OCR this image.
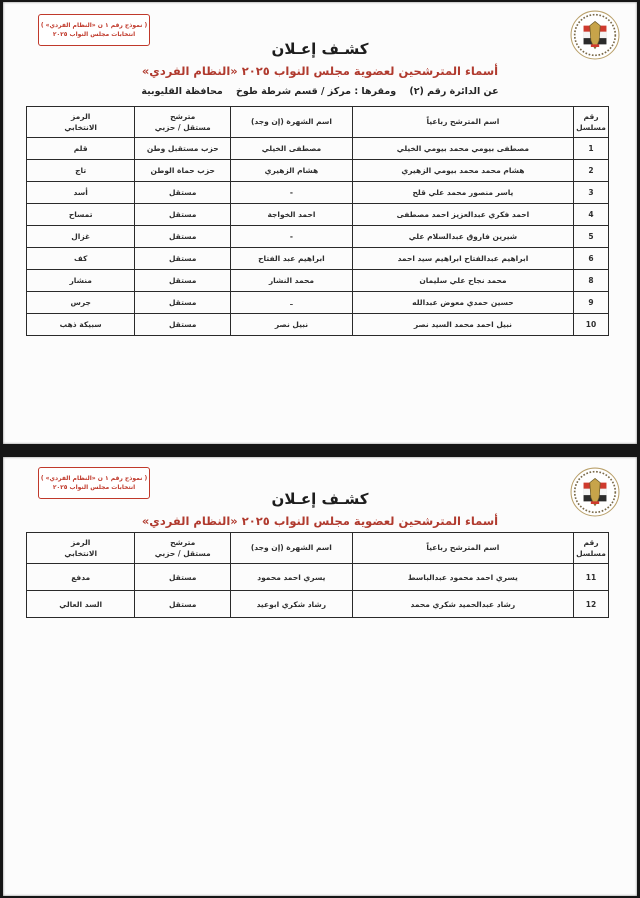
( نموذج رقم ١ ن «النظام الفردي» )
انتخابات مجلس النواب ٢٠٢٥
كشـف إعـلان
أسماء المترشحين لعضوية مجلس النواب ٢٠٢٥ «النظام الفردي»
عن الدائرة رقم (٢)    ومقرها : مركز / قسم شرطة طوخ    محافظة القليوبية
رقم
مسلسل

اسم المترشح رباعياً

اسم الشهرة (إن وجد)

مترشح
مستقل / حزبي

الرمز
الانتخابي

1	مصطفى بيومي محمد بيومي الخيلي	مصطفى الخيلي	حزب مستقبل وطن	قلم
2	هشام محمد محمد بيومي الزهيري	هشام الزهيري	حزب حماة الوطن	تاج
3	ياسر منصور محمد علي قلح	-	مستقل	أسد
4	احمد فكري عبدالعزيز احمد مصطفى	احمد الخواجة	مستقل	تمساح
5	شيرين فاروق عبدالسلام علي	-	مستقل	غزال
6	ابراهيم عبدالفتاح ابراهيم سيد احمد	ابراهيم عبد الفتاح	مستقل	كف
8	محمد نجاح علي سليمان	محمد النشار	مستقل	منشار
9	حسين حمدي معوض عبدالله	ـ	مستقل	جرس
10	نبيل احمد محمد السيد نصر	نبيل نصر	مستقل	سبيكة ذهب
( نموذج رقم ١ ن «النظام الفردي» )
انتخابات مجلس النواب ٢٠٢٥
كشـف إعـلان
أسماء المترشحين لعضوية مجلس النواب ٢٠٢٥ «النظام الفردي»
رقم
مسلسل

اسم المترشح رباعياً

اسم الشهرة (إن وجد)

مترشح
مستقل / حزبي

الرمز
الانتخابي

11	يسري احمد محمود عبدالباسط	يسري احمد محمود	مستقل	مدفع
12	رشاد عبدالحميد شكري محمد	رشاد شكري ابوعيد	مستقل	السد العالي
